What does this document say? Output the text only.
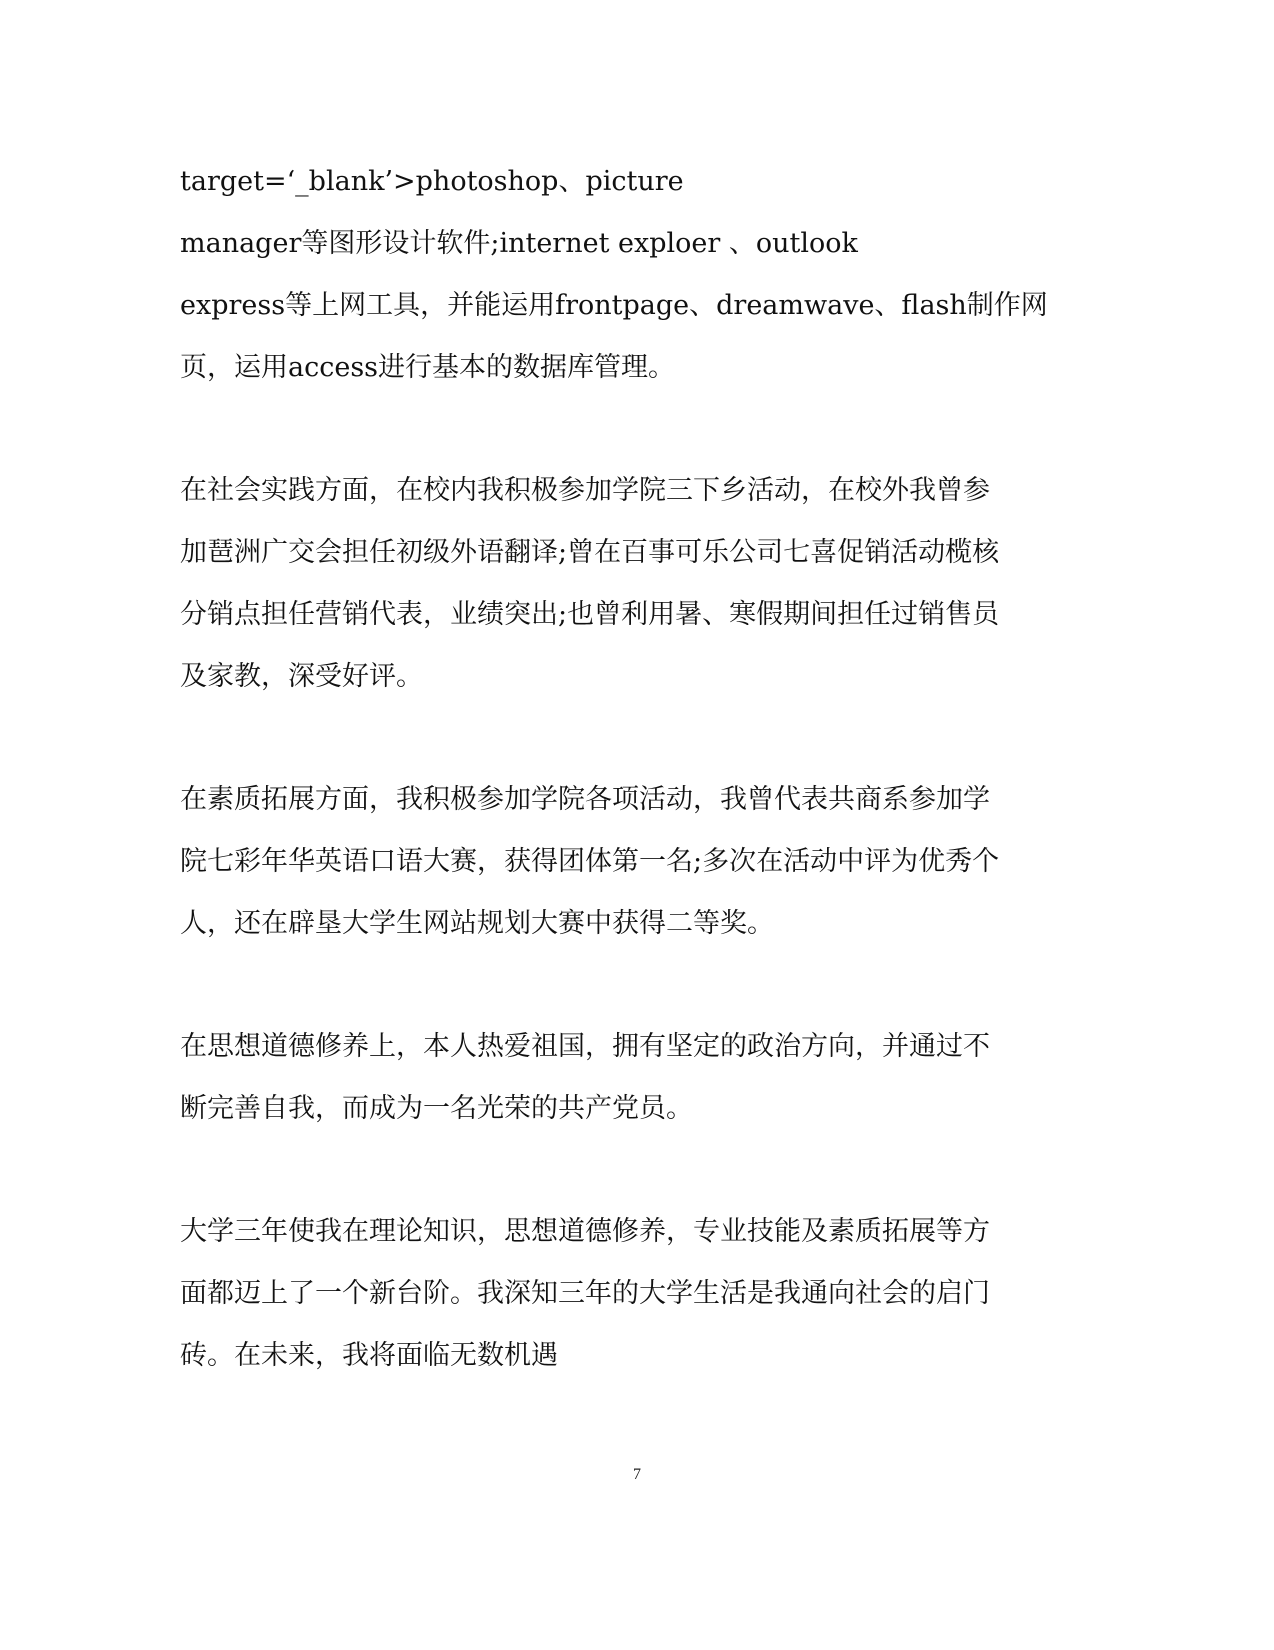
target=‘_blank’>photoshop、picture
manager等图形设计软件;internet exploer 、outlook
express等上网工具，并能运用frontpage、dreamwave、flash制作网
页，运用access进行基本的数据库管理。
在社会实践方面，在校内我积极参加学院三下乡活动，在校外我曾参
加琶洲广交会担任初级外语翻译;曾在百事可乐公司七喜促销活动榄核
分销点担任营销代表，业绩突出;也曾利用暑、寒假期间担任过销售员
及家教，深受好评。
在素质拓展方面，我积极参加学院各项活动，我曾代表共商系参加学
院七彩年华英语口语大赛，获得团体第一名;多次在活动中评为优秀个
人，还在辟垦大学生网站规划大赛中获得二等奖。
在思想道德修养上，本人热爱祖国，拥有坚定的政治方向，并通过不
断完善自我，而成为一名光荣的共产党员。
大学三年使我在理论知识，思想道德修养，专业技能及素质拓展等方
面都迈上了一个新台阶。我深知三年的大学生活是我通向社会的启门
砖。在未来，我将面临无数机遇
7
